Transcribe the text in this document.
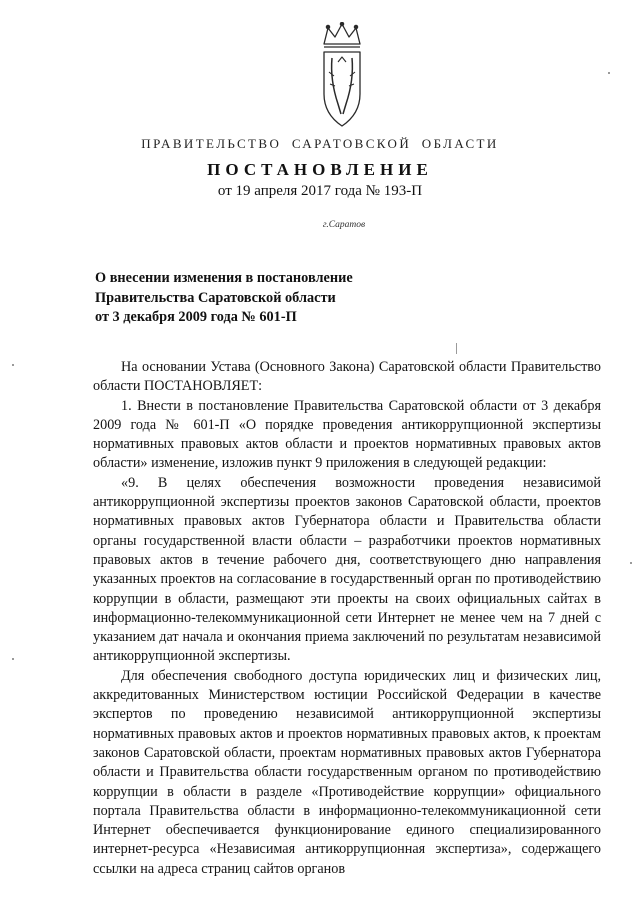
ПРАВИТЕЛЬСТВО САРАТОВСКОЙ ОБЛАСТИ
ПОСТАНОВЛЕНИЕ
от 19 апреля 2017 года № 193-П
г.Саратов
О внесении изменения в постановление
Правительства Саратовской области
от 3 декабря 2009 года № 601-П

На основании Устава (Основного Закона) Саратовской области Правительство области ПОСТАНОВЛЯЕТ:

1. Внести в постановление Правительства Саратовской области от 3 декабря 2009 года № 601-П «О порядке проведения антикоррупционной экспертизы нормативных правовых актов области и проектов нормативных правовых актов области» изменение, изложив пункт 9 приложения в следующей редакции:

«9. В целях обеспечения возможности проведения независимой антикоррупционной экспертизы проектов законов Саратовской области, проектов нормативных правовых актов Губернатора области и Правительства области органы государственной власти области – разработчики проектов нормативных правовых актов в течение рабочего дня, соответствующего дню направления указанных проектов на согласование в государственный орган по противодействию коррупции в области, размещают эти проекты на своих официальных сайтах в информационно-телекоммуникационной сети Интернет не менее чем на 7 дней с указанием дат начала и окончания приема заключений по результатам независимой антикоррупционной экспертизы.

Для обеспечения свободного доступа юридических лиц и физических лиц, аккредитованных Министерством юстиции Российской Федерации в качестве экспертов по проведению независимой антикоррупционной экспертизы нормативных правовых актов и проектов нормативных правовых актов, к проектам законов Саратовской области, проектам нормативных правовых актов Губернатора области и Правительства области государственным органом по противодействию коррупции в области в разделе «Противодействие коррупции» официального портала Правительства области в информационно-телекоммуникационной сети Интернет обеспечивается функционирование единого специализированного интернет-ресурса «Независимая антикоррупционная экспертиза», содержащего ссылки на адреса страниц сайтов органов
